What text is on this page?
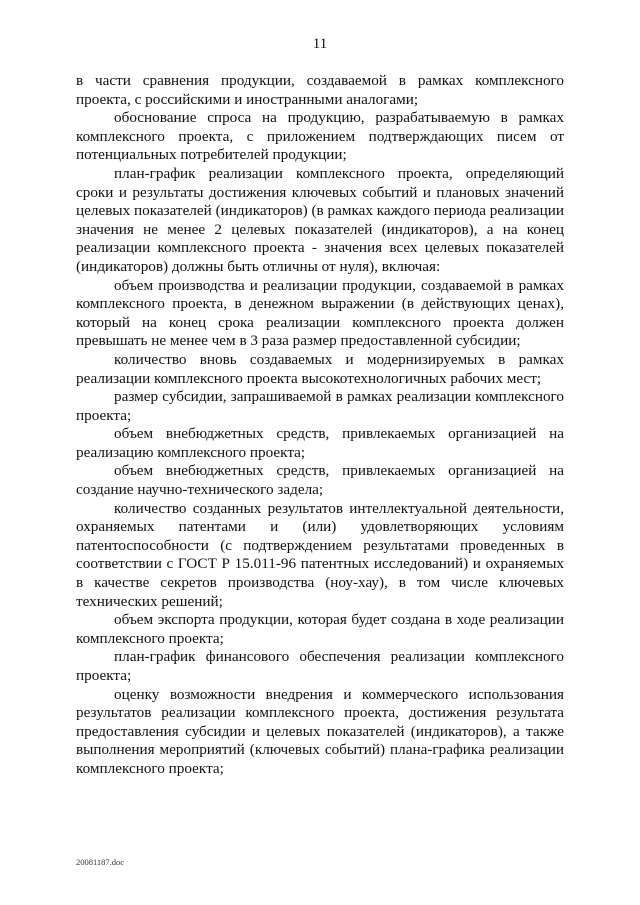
11

в части сравнения продукции, создаваемой в рамках комплексного проекта, с российскими и иностранными аналогами;

обоснование спроса на продукцию, разрабатываемую в рамках комплексного проекта, с приложением подтверждающих писем от потенциальных потребителей продукции;

план-график реализации комплексного проекта, определяющий сроки и результаты достижения ключевых событий и плановых значений целевых показателей (индикаторов) (в рамках каждого периода реализации значения не менее 2 целевых показателей (индикаторов), а на конец реализации комплексного проекта - значения всех целевых показателей (индикаторов) должны быть отличны от нуля), включая:

объем производства и реализации продукции, создаваемой в рамках комплексного проекта, в денежном выражении (в действующих ценах), который на конец срока реализации комплексного проекта должен превышать не менее чем в 3 раза размер предоставленной субсидии;

количество вновь создаваемых и модернизируемых в рамках реализации комплексного проекта высокотехнологичных рабочих мест;

размер субсидии, запрашиваемой в рамках реализации комплексного проекта;

объем внебюджетных средств, привлекаемых организацией на реализацию комплексного проекта;

объем внебюджетных средств, привлекаемых организацией на создание научно-технического задела;

количество созданных результатов интеллектуальной деятельности, охраняемых патентами и (или) удовлетворяющих условиям патентоспособности (с подтверждением результатами проведенных в соответствии с ГОСТ Р 15.011-96 патентных исследований) и охраняемых в качестве секретов производства (ноу-хау), в том числе ключевых технических решений;

объем экспорта продукции, которая будет создана в ходе реализации комплексного проекта;

план-график финансового обеспечения реализации комплексного проекта;

оценку возможности внедрения и коммерческого использования результатов реализации комплексного проекта, достижения результата предоставления субсидии и целевых показателей (индикаторов), а также выполнения мероприятий (ключевых событий) плана-графика реализации комплексного проекта;

20081187.doc
